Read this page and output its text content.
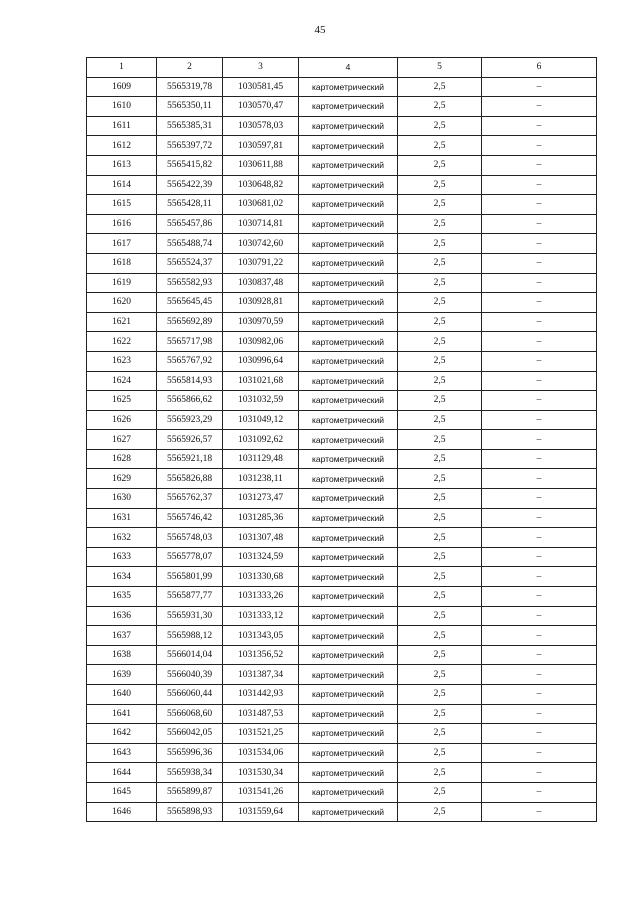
45
1	2	3	4	5	6
1609	5565319,78	1030581,45	картометрический	2,5	–
1610	5565350,11	1030570,47	картометрический	2,5	–
1611	5565385,31	1030578,03	картометрический	2,5	–
1612	5565397,72	1030597,81	картометрический	2,5	–
1613	5565415,82	1030611,88	картометрический	2,5	–
1614	5565422,39	1030648,82	картометрический	2,5	–
1615	5565428,11	1030681,02	картометрический	2,5	–
1616	5565457,86	1030714,81	картометрический	2,5	–
1617	5565488,74	1030742,60	картометрический	2,5	–
1618	5565524,37	1030791,22	картометрический	2,5	–
1619	5565582,93	1030837,48	картометрический	2,5	–
1620	5565645,45	1030928,81	картометрический	2,5	–
1621	5565692,89	1030970,59	картометрический	2,5	–
1622	5565717,98	1030982,06	картометрический	2,5	–
1623	5565767,92	1030996,64	картометрический	2,5	–
1624	5565814,93	1031021,68	картометрический	2,5	–
1625	5565866,62	1031032,59	картометрический	2,5	–
1626	5565923,29	1031049,12	картометрический	2,5	–
1627	5565926,57	1031092,62	картометрический	2,5	–
1628	5565921,18	1031129,48	картометрический	2,5	–
1629	5565826,88	1031238,11	картометрический	2,5	–
1630	5565762,37	1031273,47	картометрический	2,5	–
1631	5565746,42	1031285,36	картометрический	2,5	–
1632	5565748,03	1031307,48	картометрический	2,5	–
1633	5565778,07	1031324,59	картометрический	2,5	–
1634	5565801,99	1031330,68	картометрический	2,5	–
1635	5565877,77	1031333,26	картометрический	2,5	–
1636	5565931,30	1031333,12	картометрический	2,5	–
1637	5565988,12	1031343,05	картометрический	2,5	–
1638	5566014,04	1031356,52	картометрический	2,5	–
1639	5566040,39	1031387,34	картометрический	2,5	–
1640	5566060,44	1031442,93	картометрический	2,5	–
1641	5566068,60	1031487,53	картометрический	2,5	–
1642	5566042,05	1031521,25	картометрический	2,5	–
1643	5565996,36	1031534,06	картометрический	2,5	–
1644	5565938,34	1031530,34	картометрический	2,5	–
1645	5565899,87	1031541,26	картометрический	2,5	–
1646	5565898,93	1031559,64	картометрический	2,5	–
